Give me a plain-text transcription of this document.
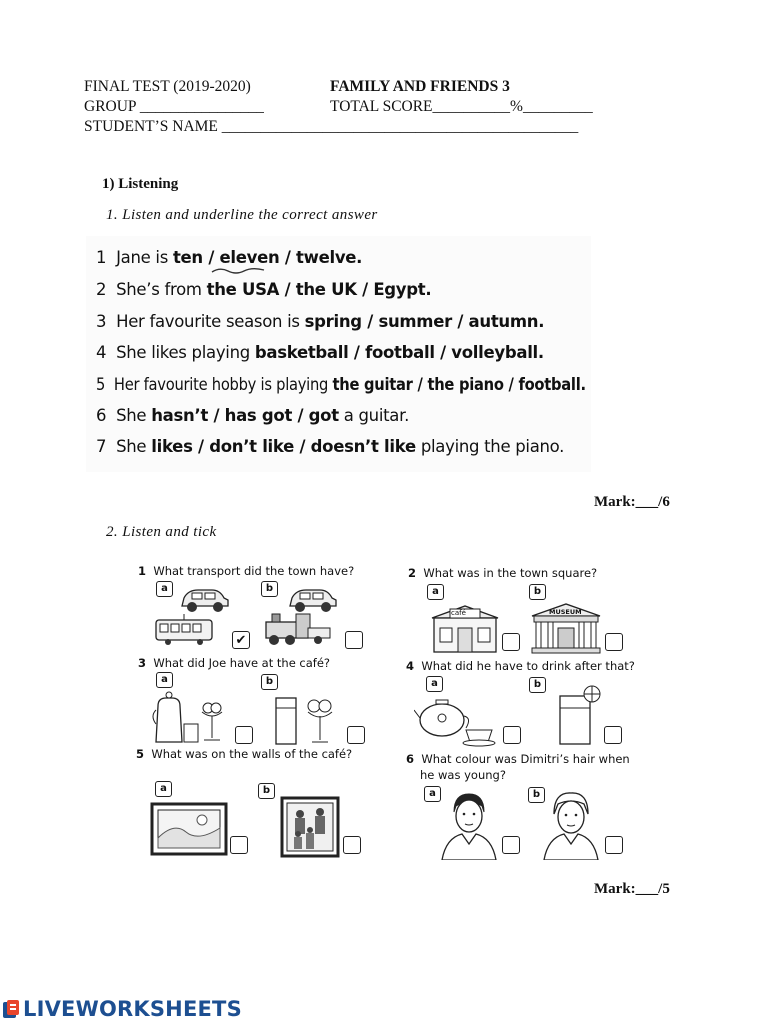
FINAL TEST (2019-2020)	FAMILY AND FRIENDS 3
GROUP ________________	TOTAL SCORE__________%_________
STUDENT’S NAME ______________________________________________
1) Listening
1. Listen and underline the correct answer
1 Jane is ten / eleven / twelve.
2 She’s from the USA / the UK / Egypt.
3 Her favourite season is spring / summer / autumn.
4 She likes playing basketball / football / volleyball.
5 Her favourite hobby is playing the guitar / the piano / football.
6 She hasn’t / has got / got a guitar.
7 She likes / don’t like / doesn’t like playing the piano.
Mark:___/6
2. Listen and tick
1 What transport did the town have?
a	b
✔
2 What was in the town square?
a	b
café	MUSEUM
3 What did Joe have at the café?
a	b
4 What did he have to drink after that?
a	b
5 What was on the walls of the café?
a	b
6 What colour was Dimitri’s hair when
he was young?
a	b
Mark:___/5
LIVEWORKSHEETS
